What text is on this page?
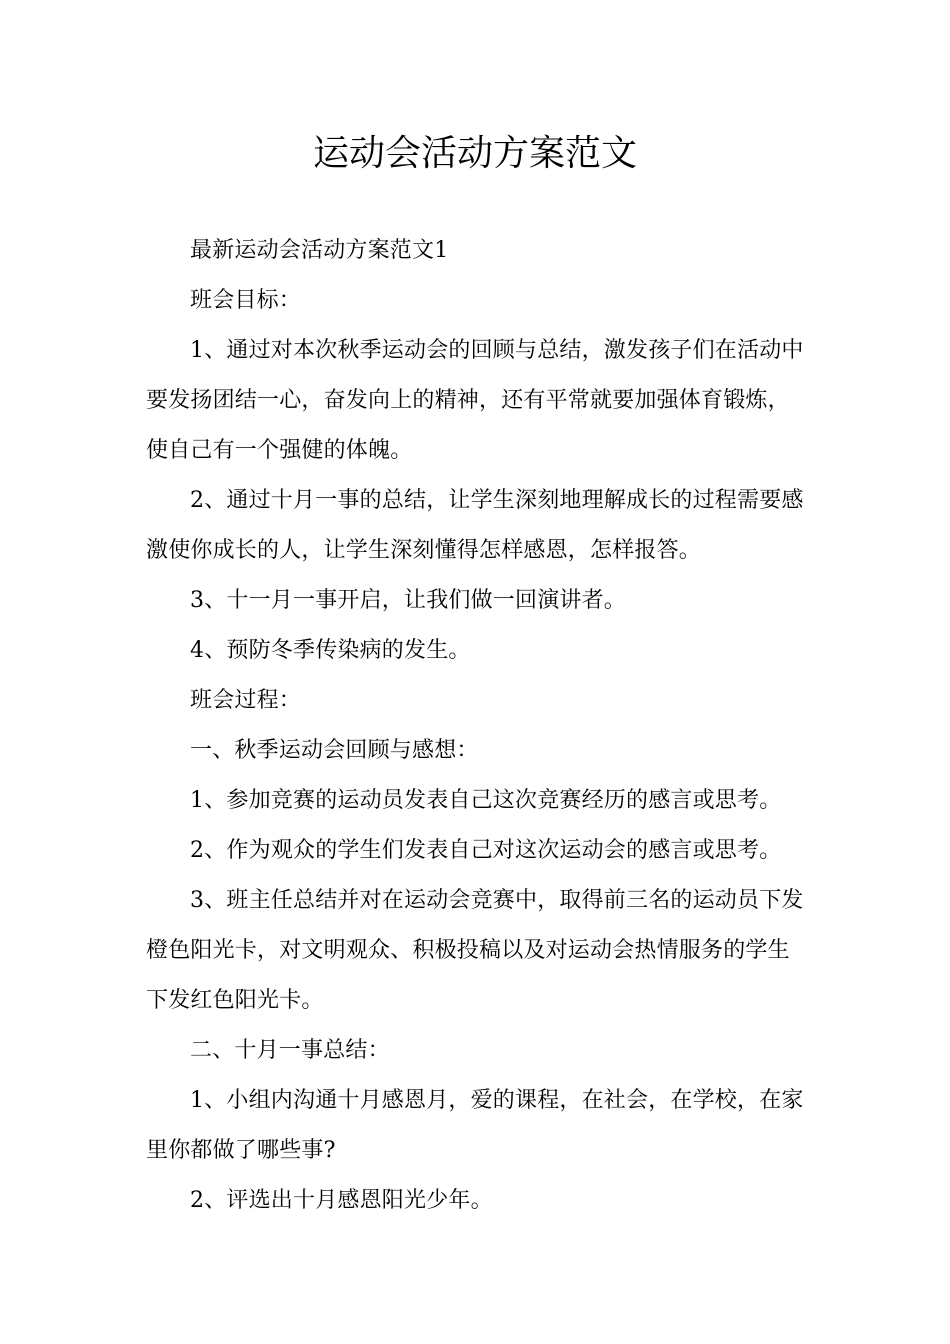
运动会活动方案范文

最新运动会活动方案范文1

班会目标：

1、通过对本次秋季运动会的回顾与总结，激发孩子们在活动中要发扬团结一心，奋发向上的精神，还有平常就要加强体育锻炼，使自己有一个强健的体魄。

2、通过十月一事的总结，让学生深刻地理解成长的过程需要感激使你成长的人，让学生深刻懂得怎样感恩，怎样报答。

3、十一月一事开启，让我们做一回演讲者。

4、预防冬季传染病的发生。

班会过程：

一、秋季运动会回顾与感想：

1、参加竞赛的运动员发表自己这次竞赛经历的感言或思考。

2、作为观众的学生们发表自己对这次运动会的感言或思考。

3、班主任总结并对在运动会竞赛中，取得前三名的运动员下发橙色阳光卡，对文明观众、积极投稿以及对运动会热情服务的学生下发红色阳光卡。

二、十月一事总结：

1、小组内沟通十月感恩月，爱的课程，在社会，在学校，在家里你都做了哪些事?

2、评选出十月感恩阳光少年。
